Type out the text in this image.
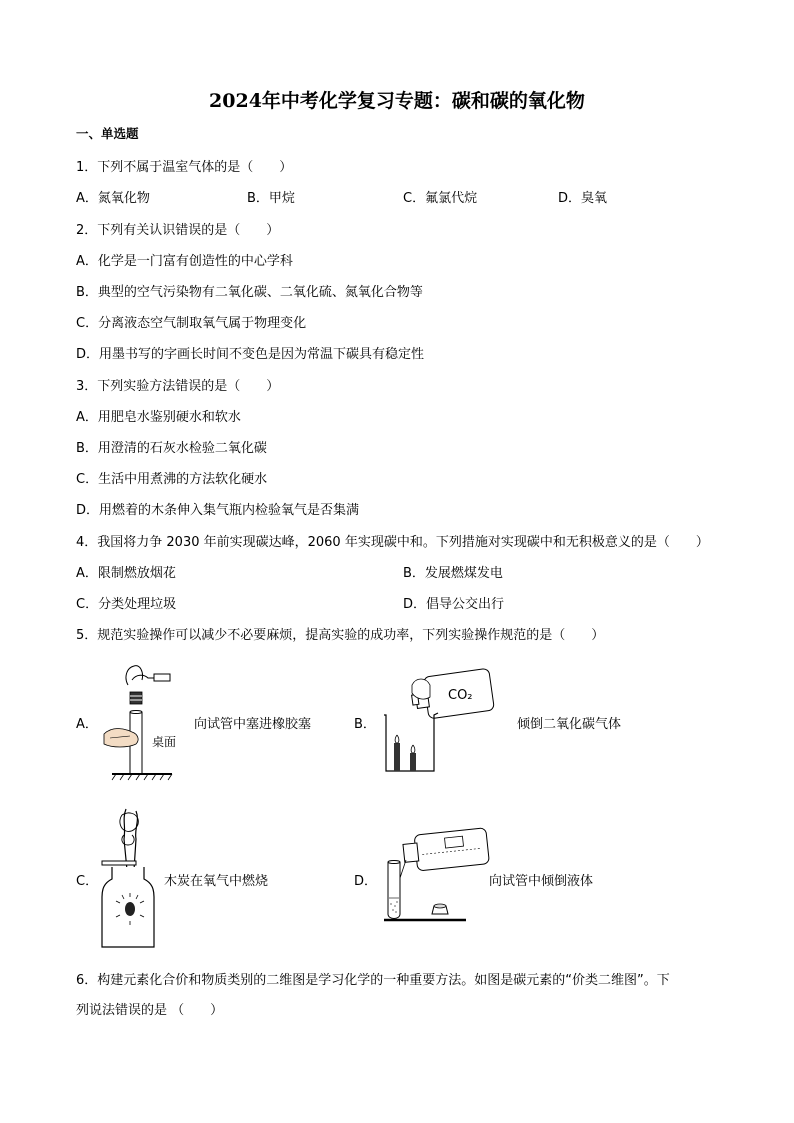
2024年中考化学复习专题：碳和碳的氧化物
一、单选题
1．下列不属于温室气体的是（　　）
A．氮氧化物	B．甲烷	C．氟氯代烷	D．臭氧
2．下列有关认识错误的是（　　）
A．化学是一门富有创造性的中心学科
B．典型的空气污染物有二氧化碳、二氧化硫、氮氧化合物等
C．分离液态空气制取氧气属于物理变化
D．用墨书写的字画长时间不变色是因为常温下碳具有稳定性
3．下列实验方法错误的是（　　）
A．用肥皂水鉴别硬水和软水
B．用澄清的石灰水检验二氧化碳
C．生活中用煮沸的方法软化硬水
D．用燃着的木条伸入集气瓶内检验氧气是否集满
4．我国将力争 2030 年前实现碳达峰，2060 年实现碳中和。下列措施对实现碳中和无积极意义的是（　　）
A．限制燃放烟花	B．发展燃煤发电
C．分类处理垃圾	D．倡导公交出行
5．规范实验操作可以减少不必要麻烦，提高实验的成功率，下列实验操作规范的是（　　）
A．
桌面
向试管中塞进橡胶塞	B．
CO₂
倾倒二氧化碳气体
C．	木炭在氧气中燃烧	D．	向试管中倾倒液体
6．构建元素化合价和物质类别的二维图是学习化学的一种重要方法。如图是碳元素的“价类二维图”。下
列说法错误的是 （　　）
